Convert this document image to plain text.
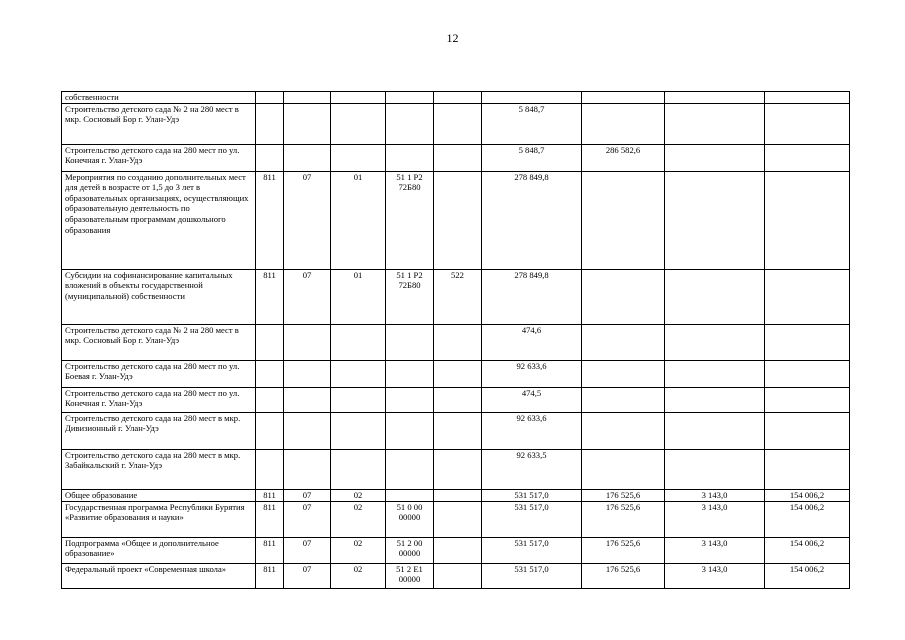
12
собственности									
Строительство детского сада № 2 на 280 мест в мкр. Сосновый Бор г. Улан-Удэ						5 848,7			
Строительство детского сада на 280 мест по ул. Конечная г. Улан-Удэ						5 848,7	286 582,6		
Мероприятия по созданию дополнительных мест для детей в возрасте от 1,5 до 3 лет в образовательных организациях, осуществляющих образовательную деятельность по образовательным программам дошкольного образования	811	07	01	51 1 P2 72Б80		278 849,8			
Субсидии на софинансирование капитальных вложений в объекты государственной (муниципальной) собственности	811	07	01	51 1 P2 72Б80	522	278 849,8			
Строительство детского сада № 2 на 280 мест в мкр. Сосновый Бор г. Улан-Удэ						474,6			
Строительство детского сада на 280 мест по ул. Боевая г. Улан-Удэ						92 633,6			
Строительство детского сада на 280 мест по ул. Конечная г. Улан-Удэ						474,5			
Строительство детского сада на 280 мест в мкр. Дивизионный г. Улан-Удэ						92 633,6			
Строительство детского сада на 280 мест в мкр. Забайкальский г. Улан-Удэ						92 633,5			
Общее образование	811	07	02			531 517,0	176 525,6	3 143,0	154 006,2
Государственная программа Республики Бурятия «Развитие образования и науки»	811	07	02	51 0 00 00000		531 517,0	176 525,6	3 143,0	154 006,2
Подпрограмма «Общее и дополнительное образование»	811	07	02	51 2 00 00000		531 517,0	176 525,6	3 143,0	154 006,2
Федеральный проект «Современная школа»	811	07	02	51 2 E1 00000		531 517,0	176 525,6	3 143,0	154 006,2
